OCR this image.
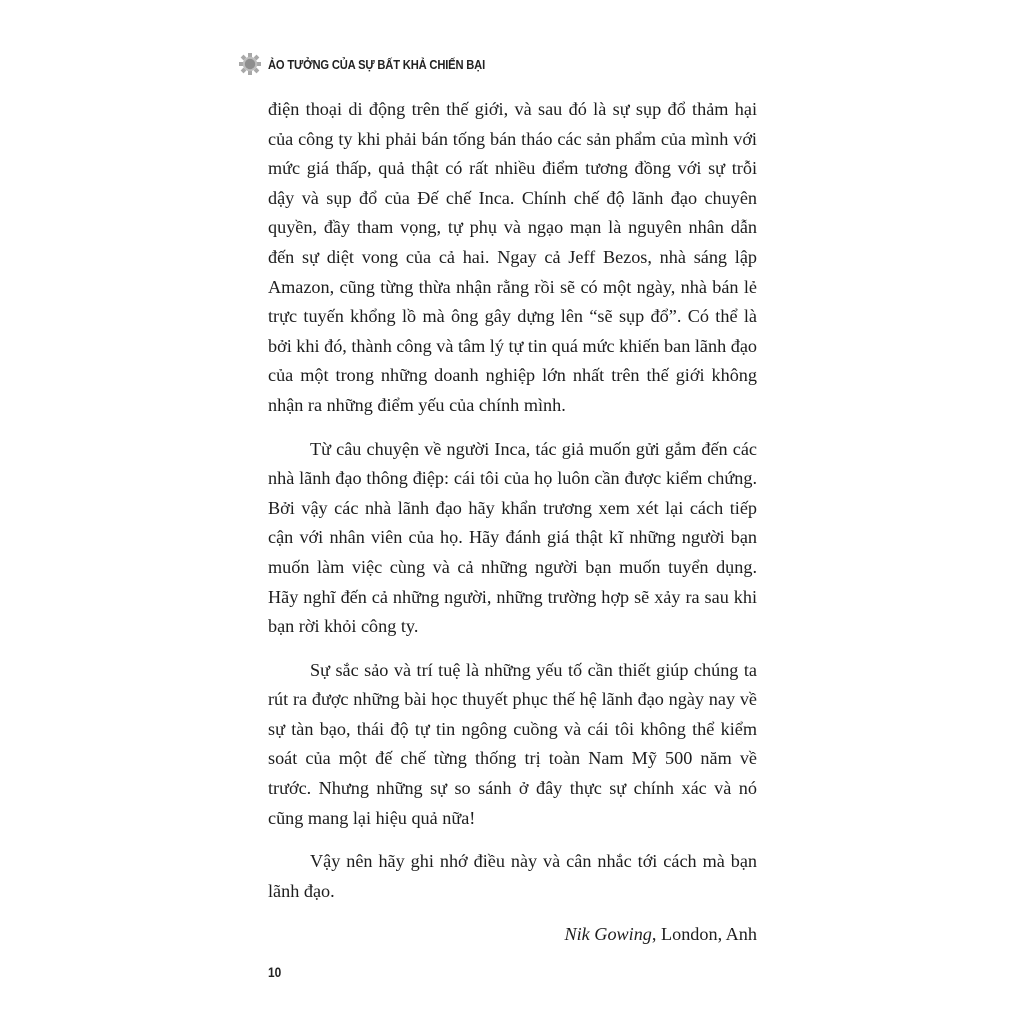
ẢO TƯỞNG CỦA SỰ BẤT KHẢ CHIẾN BẠI

điện thoại di động trên thế giới, và sau đó là sự sụp đổ thảm hại của công ty khi phải bán tống bán tháo các sản phẩm của mình với mức giá thấp, quả thật có rất nhiều điểm tương đồng với sự trỗi dậy và sụp đổ của Đế chế Inca. Chính chế độ lãnh đạo chuyên quyền, đầy tham vọng, tự phụ và ngạo mạn là nguyên nhân dẫn đến sự diệt vong của cả hai. Ngay cả Jeff Bezos, nhà sáng lập Amazon, cũng từng thừa nhận rằng rồi sẽ có một ngày, nhà bán lẻ trực tuyến khổng lồ mà ông gây dựng lên “sẽ sụp đổ”. Có thể là bởi khi đó, thành công và tâm lý tự tin quá mức khiến ban lãnh đạo của một trong những doanh nghiệp lớn nhất trên thế giới không nhận ra những điểm yếu của chính mình.

Từ câu chuyện về người Inca, tác giả muốn gửi gắm đến các nhà lãnh đạo thông điệp: cái tôi của họ luôn cần được kiểm chứng. Bởi vậy các nhà lãnh đạo hãy khẩn trương xem xét lại cách tiếp cận với nhân viên của họ. Hãy đánh giá thật kĩ những người bạn muốn làm việc cùng và cả những người bạn muốn tuyển dụng. Hãy nghĩ đến cả những người, những trường hợp sẽ xảy ra sau khi bạn rời khỏi công ty.

Sự sắc sảo và trí tuệ là những yếu tố cần thiết giúp chúng ta rút ra được những bài học thuyết phục thế hệ lãnh đạo ngày nay về sự tàn bạo, thái độ tự tin ngông cuồng và cái tôi không thể kiểm soát của một đế chế từng thống trị toàn Nam Mỹ 500 năm về trước. Nhưng những sự so sánh ở đây thực sự chính xác và nó cũng mang lại hiệu quả nữa!

Vậy nên hãy ghi nhớ điều này và cân nhắc tới cách mà bạn lãnh đạo.

Nik Gowing, London, Anh

10
